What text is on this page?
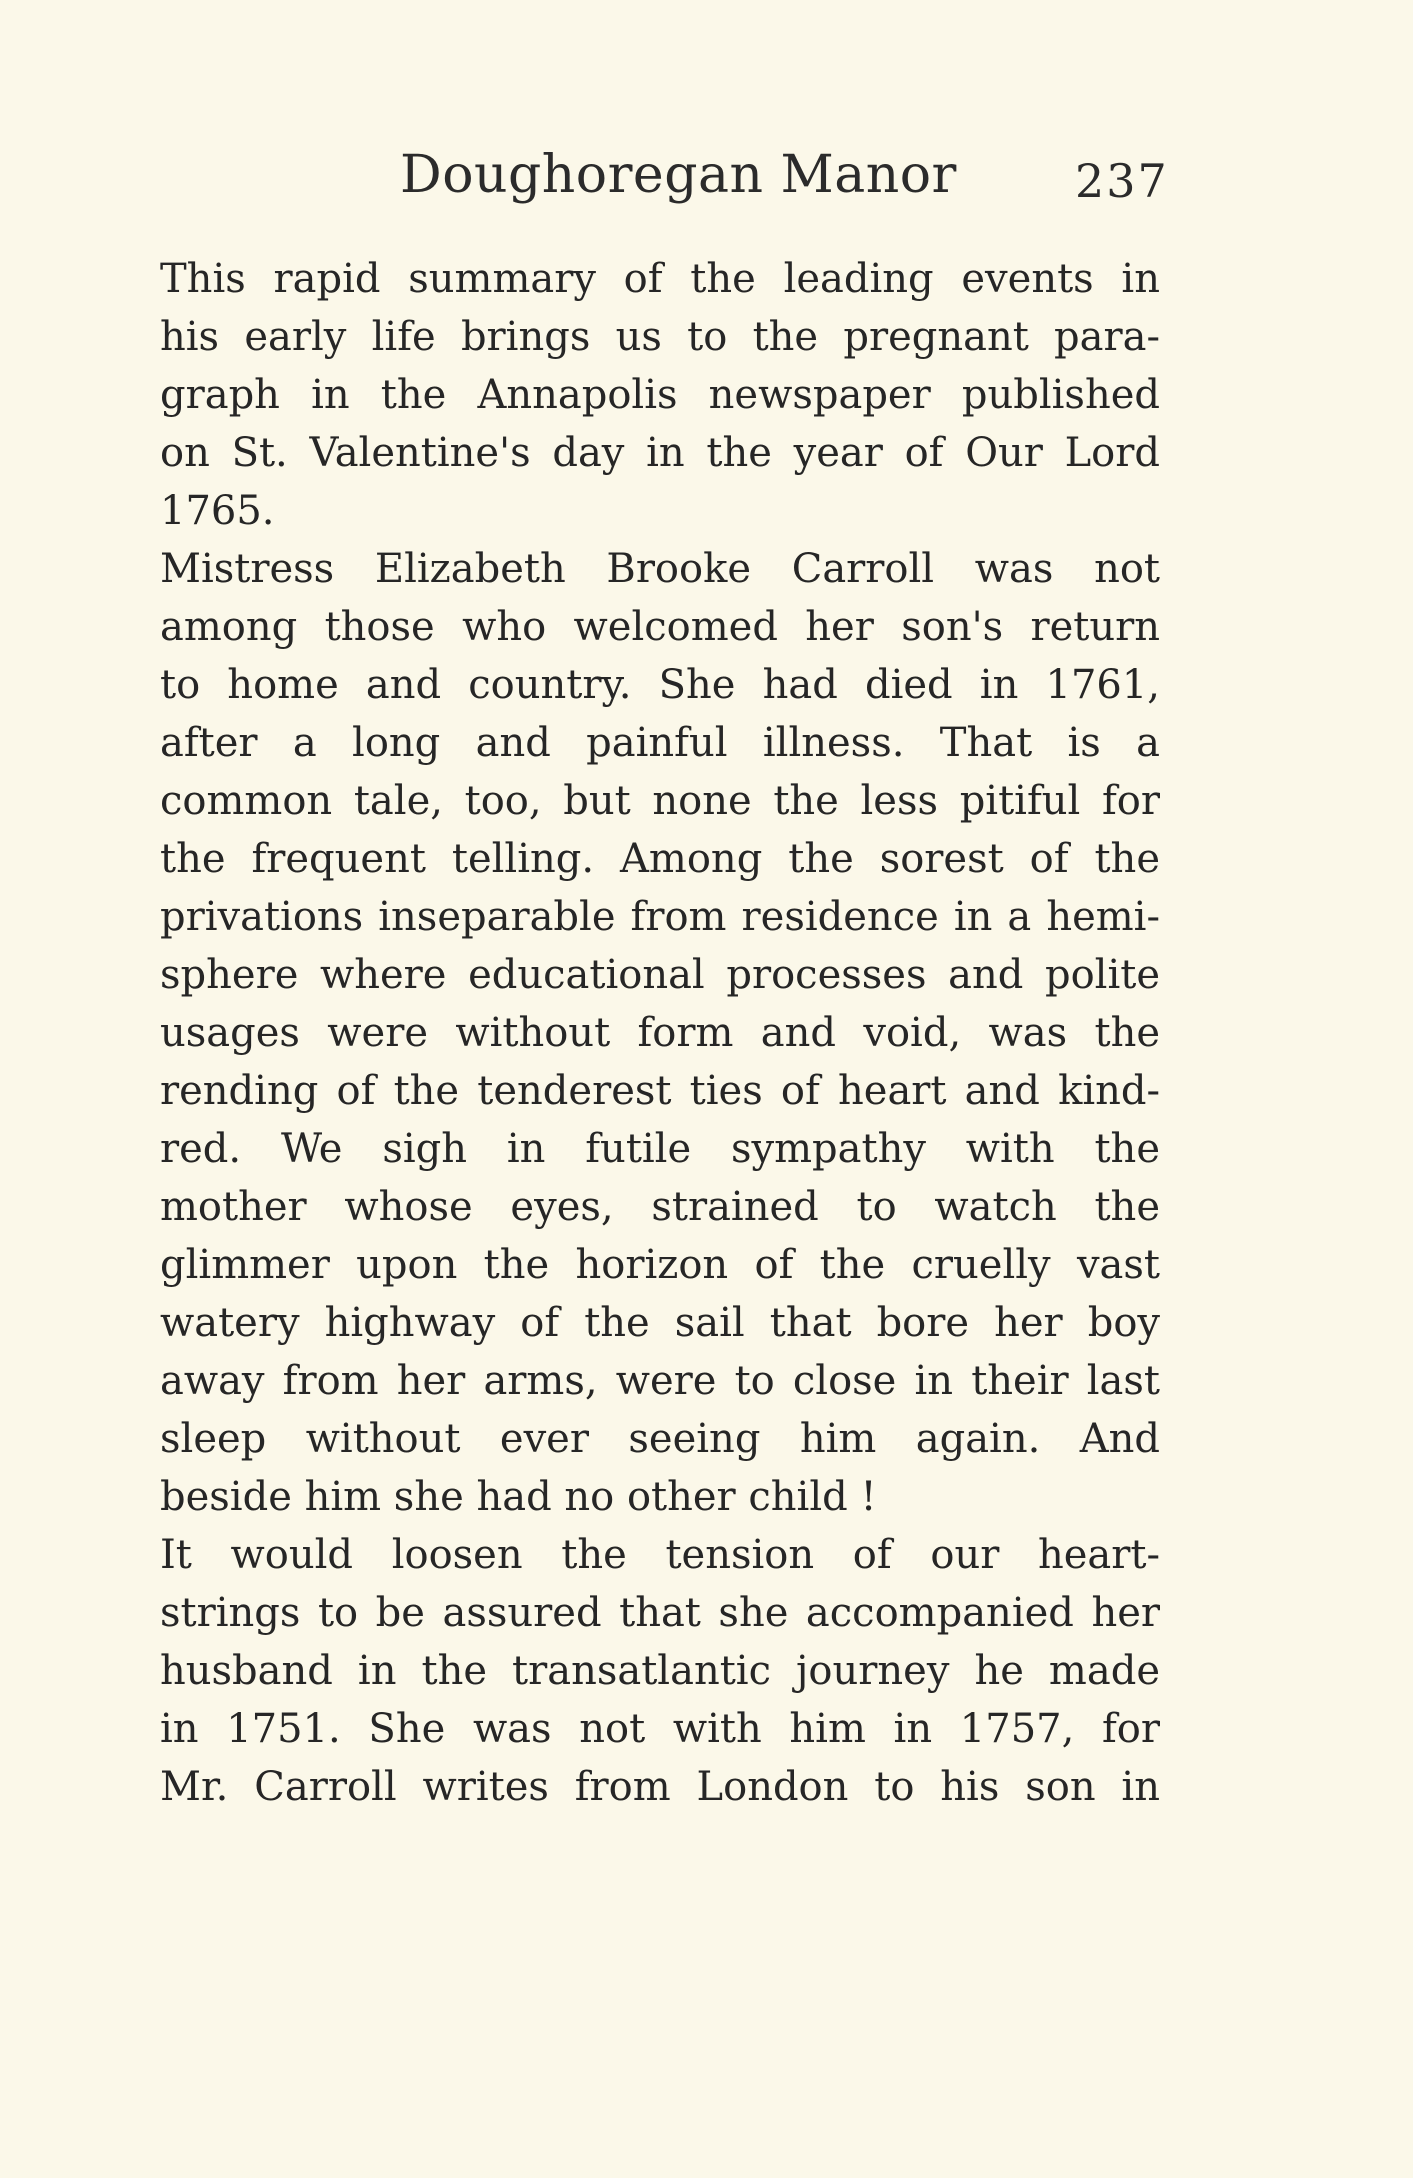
Doughoregan Manor	237
This rapid summary of the leading events in
his early life brings us to the pregnant para-
graph in the Annapolis newspaper published
on St. Valentine's day in the year of Our Lord
1765.
Mistress Elizabeth Brooke Carroll was not
among those who welcomed her son's return
to home and country. She had died in 1761,
after a long and painful illness. That is a
common tale, too, but none the less pitiful for
the frequent telling. Among the sorest of the
privations inseparable from residence in a hemi-
sphere where educational processes and polite
usages were without form and void, was the
rending of the tenderest ties of heart and kind-
red. We sigh in futile sympathy with the
mother whose eyes, strained to watch the
glimmer upon the horizon of the cruelly vast
watery highway of the sail that bore her boy
away from her arms, were to close in their last
sleep without ever seeing him again. And
beside him she had no other child !
It would loosen the tension of our heart-
strings to be assured that she accompanied her
husband in the transatlantic journey he made
in 1751. She was not with him in 1757, for
Mr. Carroll writes from London to his son in
